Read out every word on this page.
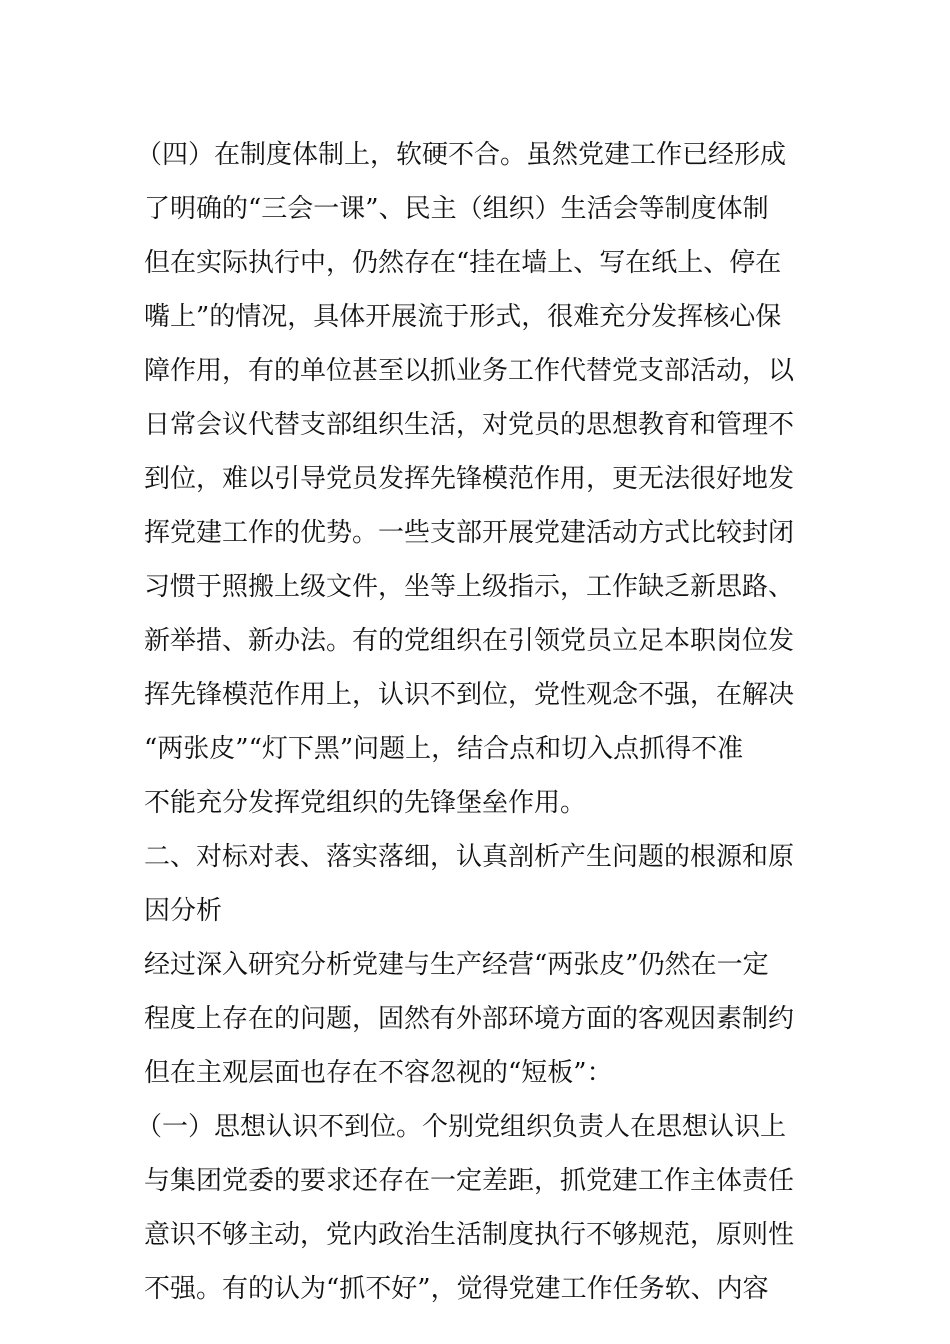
（四）在制度体制上，软硬不合。虽然党建工作已经形成
了明确的“三会一课”、民主（组织）生活会等制度体制
但在实际执行中，仍然存在“挂在墙上、写在纸上、停在
嘴上”的情况，具体开展流于形式，很难充分发挥核心保
障作用，有的单位甚至以抓业务工作代替党支部活动，以
日常会议代替支部组织生活，对党员的思想教育和管理不
到位，难以引导党员发挥先锋模范作用，更无法很好地发
挥党建工作的优势。一些支部开展党建活动方式比较封闭
习惯于照搬上级文件，坐等上级指示，工作缺乏新思路、
新举措、新办法。有的党组织在引领党员立足本职岗位发
挥先锋模范作用上，认识不到位，党性观念不强，在解决
“两张皮”“灯下黑”问题上，结合点和切入点抓得不准
不能充分发挥党组织的先锋堡垒作用。
二、对标对表、落实落细，认真剖析产生问题的根源和原
因分析
经过深入研究分析党建与生产经营“两张皮”仍然在一定
程度上存在的问题，固然有外部环境方面的客观因素制约
但在主观层面也存在不容忽视的“短板”：
（一）思想认识不到位。个别党组织负责人在思想认识上
与集团党委的要求还存在一定差距，抓党建工作主体责任
意识不够主动，党内政治生活制度执行不够规范，原则性
不强。有的认为“抓不好”，觉得党建工作任务软、内容
